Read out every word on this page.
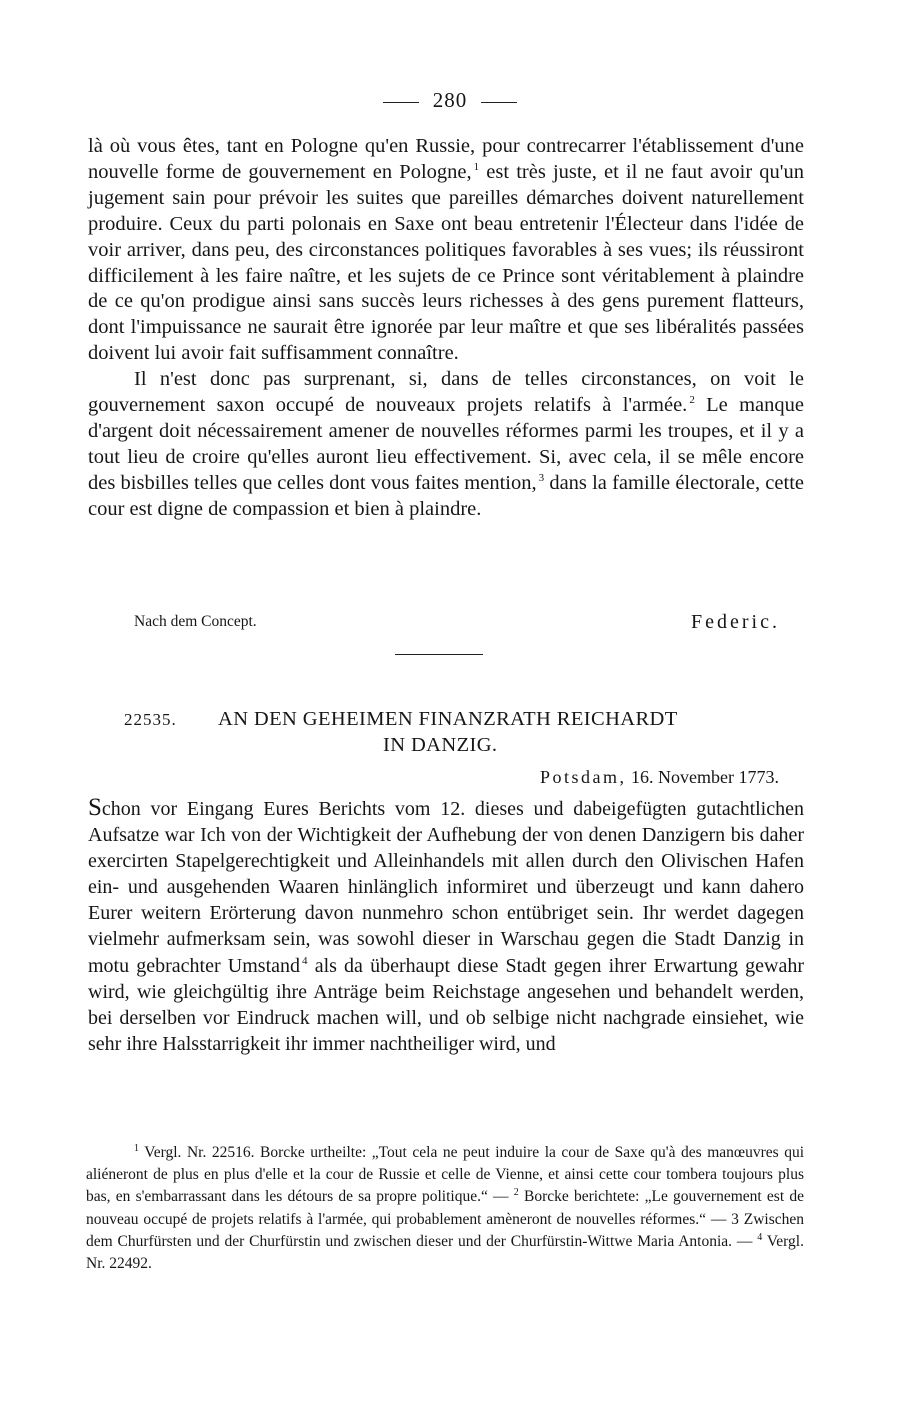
280

là où vous êtes, tant en Pologne qu'en Russie, pour contrecarrer l'établissement d'une nouvelle forme de gouvernement en Pologne, $^1$ est très juste, et il ne faut avoir qu'un jugement sain pour prévoir les suites que pareilles démarches doivent naturellement produire. Ceux du parti polonais en Saxe ont beau entretenir l'Électeur dans l'idée de voir arriver, dans peu, des circonstances politiques favorables à ses vues; ils réussiront difficilement à les faire naître, et les sujets de ce Prince sont véritablement à plaindre de ce qu'on prodigue ainsi sans succès leurs richesses à des gens purement flatteurs, dont l'impuissance ne saurait être ignorée par leur maître et que ses libéralités passées doivent lui avoir fait suffisamment connaître.

Il n'est donc pas surprenant, si, dans de telles circonstances, on voit le gouvernement saxon occupé de nouveaux projets relatifs à l'armée. $^2$ Le manque d'argent doit nécessairement amener de nouvelles réformes parmi les troupes, et il y a tout lieu de croire qu'elles auront lieu effectivement. Si, avec cela, il se mêle encore des bisbilles telles que celles dont vous faites mention, $^3$ dans la famille électorale, cette cour est digne de compassion et bien à plaindre.

Nach dem Concept.	Federic.
22535. AN DEN GEHEIMEN FINANZRATH REICHARDT
IN DANZIG.
Potsdam, 16. November 1773.

Schon vor Eingang Eures Berichts vom 12. dieses und dabeigefügten gutachtlichen Aufsatze war Ich von der Wichtigkeit der Aufhebung der von denen Danzigern bis daher exercirten Stapelgerechtigkeit und Alleinhandels mit allen durch den Olivischen Hafen ein- und ausgehenden Waaren hinlänglich informiret und überzeugt und kann dahero Eurer weitern Erörterung davon nunmehro schon entübriget sein. Ihr werdet dagegen vielmehr aufmerksam sein, was sowohl dieser in Warschau gegen die Stadt Danzig in motu gebrachter Umstand $^4$ als da überhaupt diese Stadt gegen ihrer Erwartung gewahr wird, wie gleichgültig ihre Anträge beim Reichstage angesehen und behandelt werden, bei derselben vor Eindruck machen will, und ob selbige nicht nachgrade einsiehet, wie sehr ihre Halsstarrigkeit ihr immer nachtheiliger wird, und

$^1$ Vergl. Nr. 22516. Borcke urtheilte: „Tout cela ne peut induire la cour de Saxe qu'à des manœuvres qui aliéneront de plus en plus d'elle et la cour de Russie et celle de Vienne, et ainsi cette cour tombera toujours plus bas, en s'embarrassant dans les détours de sa propre politique.“ — $^2$ Borcke berichtete: „Le gouvernement est de nouveau occupé de projets relatifs à l'armée, qui probablement amèneront de nouvelles réformes.“ — 3 Zwischen dem Churfürsten und der Churfürstin und zwischen dieser und der Churfürstin-Wittwe Maria Antonia. — $^4$ Vergl. Nr. 22492.
